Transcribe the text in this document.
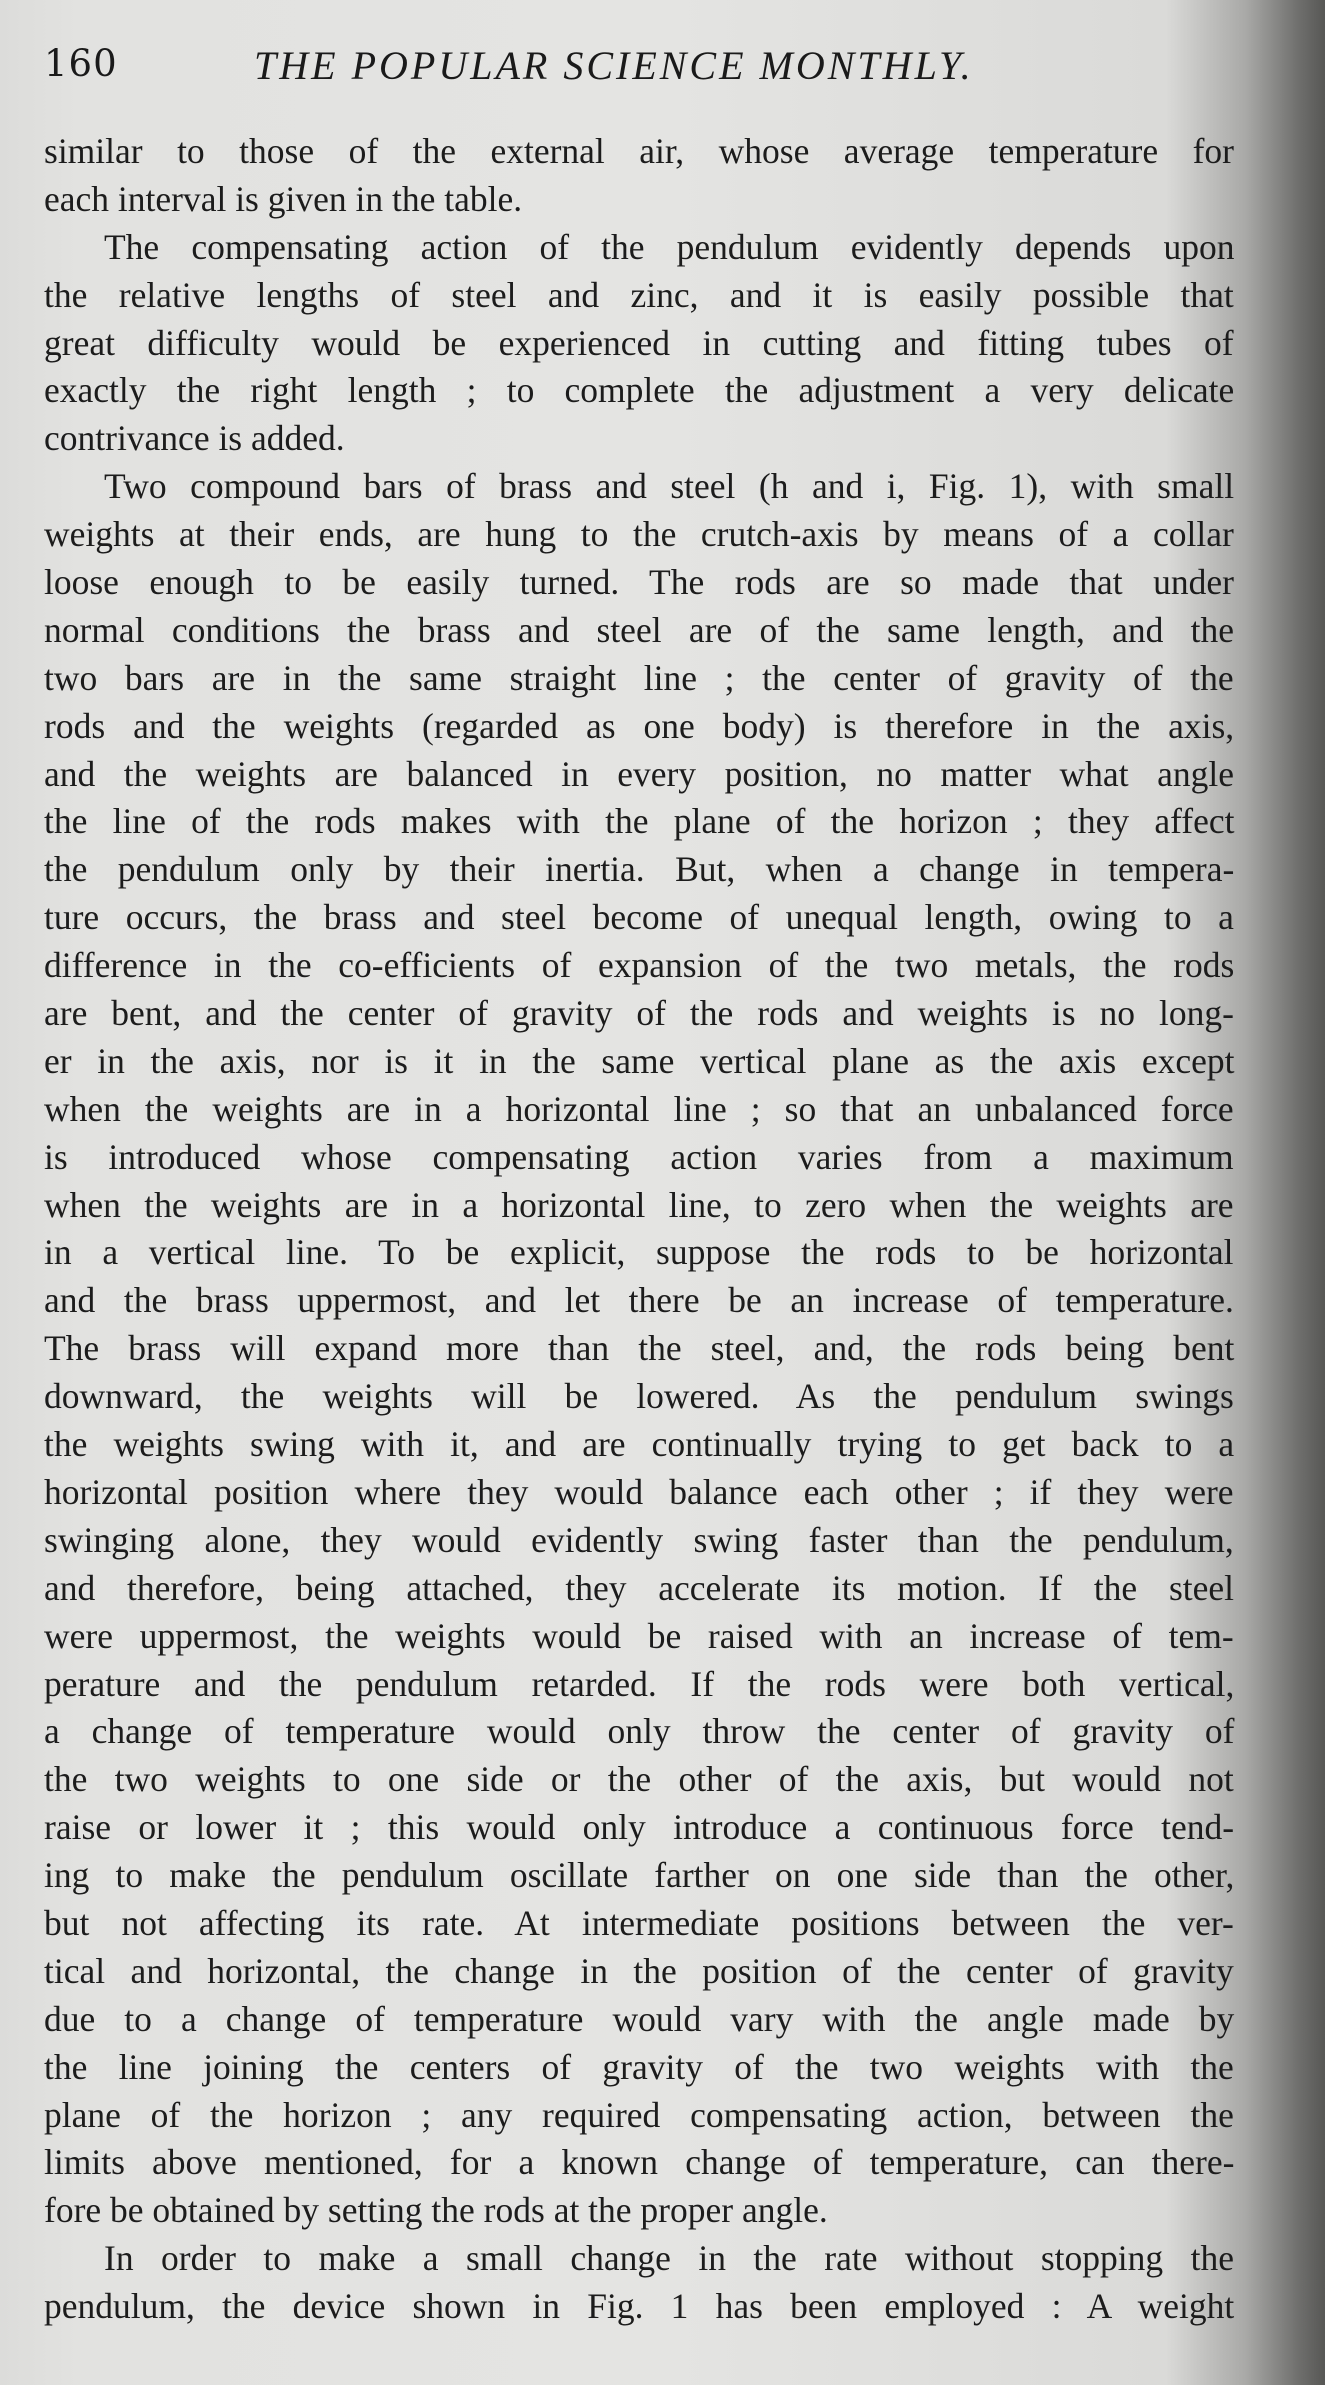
160	THE POPULAR SCIENCE MONTHLY.
similar to those of the external air, whose average temperature for
each interval is given in the table.
The compensating action of the pendulum evidently depends upon
the relative lengths of steel and zinc, and it is easily possible that
great difficulty would be experienced in cutting and fitting tubes of
exactly the right length ; to complete the adjustment a very delicate
contrivance is added.
Two compound bars of brass and steel (h and i, Fig. 1), with small
weights at their ends, are hung to the crutch-axis by means of a collar
loose enough to be easily turned. The rods are so made that under
normal conditions the brass and steel are of the same length, and the
two bars are in the same straight line ; the center of gravity of the
rods and the weights (regarded as one body) is therefore in the axis,
and the weights are balanced in every position, no matter what angle
the line of the rods makes with the plane of the horizon ; they affect
the pendulum only by their inertia. But, when a change in tempera-
ture occurs, the brass and steel become of unequal length, owing to a
difference in the co-efficients of expansion of the two metals, the rods
are bent, and the center of gravity of the rods and weights is no long-
er in the axis, nor is it in the same vertical plane as the axis except
when the weights are in a horizontal line ; so that an unbalanced force
is introduced whose compensating action varies from a maximum
when the weights are in a horizontal line, to zero when the weights are
in a vertical line. To be explicit, suppose the rods to be horizontal
and the brass uppermost, and let there be an increase of temperature.
The brass will expand more than the steel, and, the rods being bent
downward, the weights will be lowered. As the pendulum swings
the weights swing with it, and are continually trying to get back to a
horizontal position where they would balance each other ; if they were
swinging alone, they would evidently swing faster than the pendulum,
and therefore, being attached, they accelerate its motion. If the steel
were uppermost, the weights would be raised with an increase of tem-
perature and the pendulum retarded. If the rods were both vertical,
a change of temperature would only throw the center of gravity of
the two weights to one side or the other of the axis, but would not
raise or lower it ; this would only introduce a continuous force tend-
ing to make the pendulum oscillate farther on one side than the other,
but not affecting its rate. At intermediate positions between the ver-
tical and horizontal, the change in the position of the center of gravity
due to a change of temperature would vary with the angle made by
the line joining the centers of gravity of the two weights with the
plane of the horizon ; any required compensating action, between the
limits above mentioned, for a known change of temperature, can there-
fore be obtained by setting the rods at the proper angle.
In order to make a small change in the rate without stopping the
pendulum, the device shown in Fig. 1 has been employed : A weight
